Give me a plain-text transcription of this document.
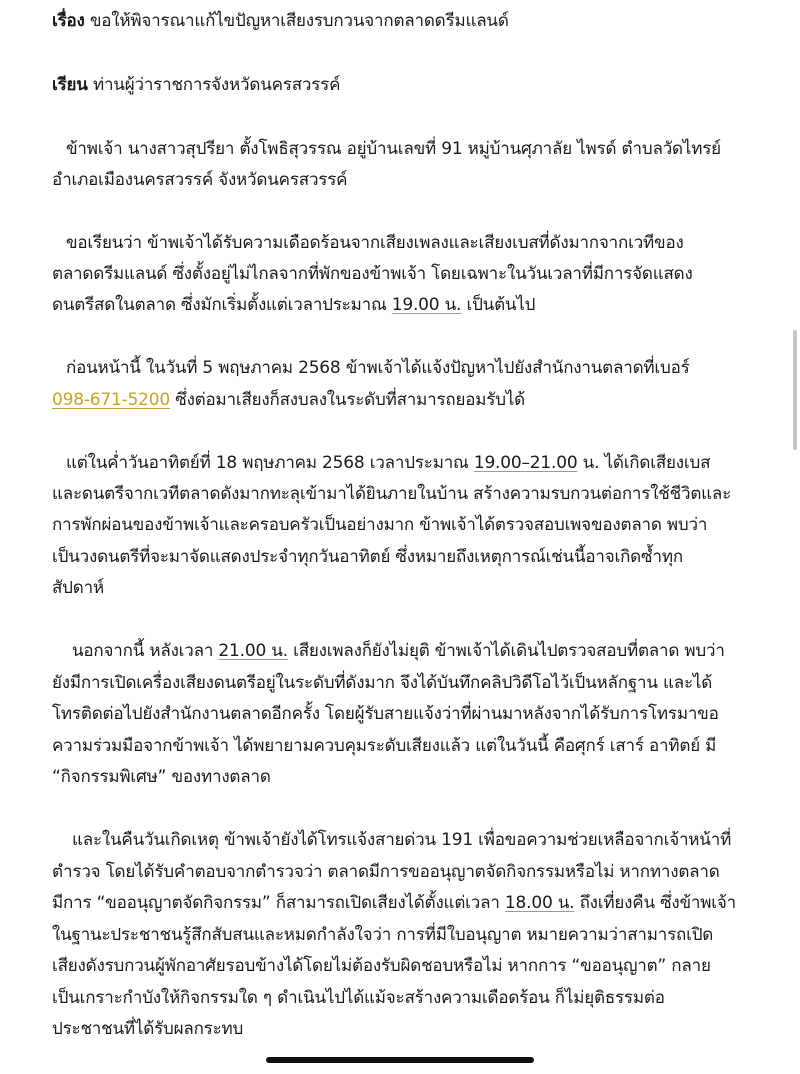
เรื่อง ขอให้พิจารณาแก้ไขปัญหาเสียงรบกวนจากตลาดดรีมแลนด์
เรียน ท่านผู้ว่าราชการจังหวัดนครสวรรค์
ข้าพเจ้า นางสาวสุปรียา ตั้งโพธิสุวรรณ อยู่บ้านเลขที่ 91 หมู่บ้านศุภาลัย ไพรด์ ตำบลวัดไทรย์
อำเภอเมืองนครสวรรค์ จังหวัดนครสวรรค์
ขอเรียนว่า ข้าพเจ้าได้รับความเดือดร้อนจากเสียงเพลงและเสียงเบสที่ดังมากจากเวทีของ
ตลาดดรีมแลนด์ ซึ่งตั้งอยู่ไม่ไกลจากที่พักของข้าพเจ้า โดยเฉพาะในวันเวลาที่มีการจัดแสดง
ดนตรีสดในตลาด ซึ่งมักเริ่มตั้งแต่เวลาประมาณ 19.00 น. เป็นต้นไป
ก่อนหน้านี้ ในวันที่ 5 พฤษภาคม 2568 ข้าพเจ้าได้แจ้งปัญหาไปยังสำนักงานตลาดที่เบอร์
098-671-5200 ซึ่งต่อมาเสียงก็สงบลงในระดับที่สามารถยอมรับได้
แต่ในค่ำวันอาทิตย์ที่ 18 พฤษภาคม 2568 เวลาประมาณ 19.00–21.00 น. ได้เกิดเสียงเบส
และดนตรีจากเวทีตลาดดังมากทะลุเข้ามาได้ยินภายในบ้าน สร้างความรบกวนต่อการใช้ชีวิตและ
การพักผ่อนของข้าพเจ้าและครอบครัวเป็นอย่างมาก ข้าพเจ้าได้ตรวจสอบเพจของตลาด พบว่า
เป็นวงดนตรีที่จะมาจัดแสดงประจำทุกวันอาทิตย์ ซึ่งหมายถึงเหตุการณ์เช่นนี้อาจเกิดซ้ำทุก
สัปดาห์
นอกจากนี้ หลังเวลา 21.00 น. เสียงเพลงก็ยังไม่ยุติ ข้าพเจ้าได้เดินไปตรวจสอบที่ตลาด พบว่า
ยังมีการเปิดเครื่องเสียงดนตรีอยู่ในระดับที่ดังมาก จึงได้บันทึกคลิปวิดีโอไว้เป็นหลักฐาน และได้
โทรติดต่อไปยังสำนักงานตลาดอีกครั้ง โดยผู้รับสายแจ้งว่าที่ผ่านมาหลังจากได้รับการโทรมาขอ
ความร่วมมือจากข้าพเจ้า ได้พยายามควบคุมระดับเสียงแล้ว แต่ในวันนี้ คือศุกร์ เสาร์ อาทิตย์ มี
“กิจกรรมพิเศษ” ของทางตลาด
และในคืนวันเกิดเหตุ ข้าพเจ้ายังได้โทรแจ้งสายด่วน 191 เพื่อขอความช่วยเหลือจากเจ้าหน้าที่
ตำรวจ โดยได้รับคำตอบจากตำรวจว่า ตลาดมีการขออนุญาตจัดกิจกรรมหรือไม่ หากทางตลาด
มีการ “ขออนุญาตจัดกิจกรรม” ก็สามารถเปิดเสียงได้ตั้งแต่เวลา 18.00 น. ถึงเที่ยงคืน ซึ่งข้าพเจ้า
ในฐานะประชาชนรู้สึกสับสนและหมดกำลังใจว่า การที่มีใบอนุญาต หมายความว่าสามารถเปิด
เสียงดังรบกวนผู้พักอาศัยรอบข้างได้โดยไม่ต้องรับผิดชอบหรือไม่ หากการ “ขออนุญาต” กลาย
เป็นเกราะกำบังให้กิจกรรมใด ๆ ดำเนินไปได้แม้จะสร้างความเดือดร้อน ก็ไม่ยุติธรรมต่อ
ประชาชนที่ได้รับผลกระทบ
